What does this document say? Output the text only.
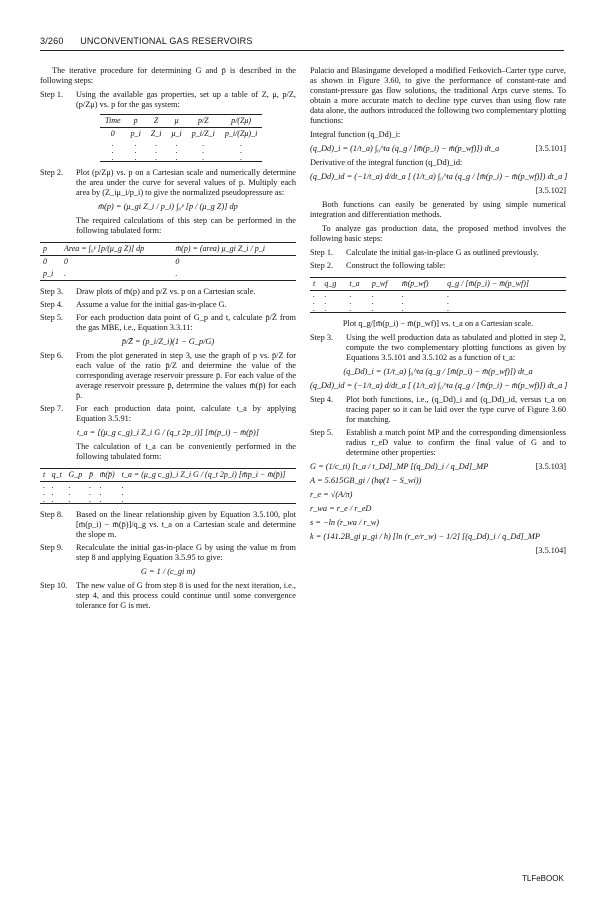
3/260 UNCONVENTIONAL GAS RESERVOIRS

The iterative procedure for determining G and p̄ is described in the following steps:

Step 1.	Using the available gas properties, set up a table of Z, μ, p/Z, (p/Zμ) vs. p for the gas system:
Time	p	Z	μ	p/Z	p/(Zμ)
0	p_i	Z_i	μ_i	p_i/Z_i	p_i/(Zμ)_i
.	.	.	.	.	.
.	.	.	.	.	.
.	.	.	.	.	.
Step 2.	Plot (p/Zμ) vs. p on a Cartesian scale and numerically determine the area under the curve for several values of p. Multiply each area by (Z_iμ_i/p_i) to give the normalized pseudopressure as:
m̄(p) = (μ_gi Z_i / p_i) ∫₀ᵖ [p / (μ_g Z)] dp
The required calculations of this step can be performed in the following tabulated form:
p	Area = ∫₀ᵖ [p/(μ_g Z)] dp	m̄(p) = (area) μ_gi Z_i / p_i
0	0	0
p_i	.	.
Step 3.	Draw plots of m̄(p) and p/Z vs. p on a Cartesian scale.
Step 4.	Assume a value for the initial gas-in-place G.
Step 5.	For each production data point of G_p and t, calculate p̄/Z̄ from the gas MBE, i.e., Equation 3.3.11:
p̄/Z̄ = (p_i/Z_i)(1 − G_p/G)
Step 6.	From the plot generated in step 3, use the graph of p vs. p̄/Z for each value of the ratio p̄/Z and determine the value of the corresponding average reservoir pressure p̄. For each value of the average reservoir pressure p̄, determine the values m̄(p̄) for each p̄.
Step 7.	For each production data point, calculate t_a by applying Equation 3.5.91:
t_a = [(μ_g c_g)_i Z_i G / (q_t 2p_i)] [m̄(p_i) − m̄(p̄)]
The calculation of t_a can be conveniently performed in the following tabulated form:
t	q_t	G_p	p̄	m̄(p̄)	t_a = (μ_g c_g)_i Z_i G / (q_t 2p_i) [m̄p_i − m̄(p̄)]
.	.	.	.	.	.
.	.	.	.	.	.
.	.	.	.	.	.
Step 8.	Based on the linear relationship given by Equation 3.5.100, plot [m̄(p_i) − m̄(p̄)]/q_g vs. t_a on a Cartesian scale and determine the slope m.
Step 9.	Recalculate the initial gas-in-place G by using the value m from step 8 and applying Equation 3.5.95 to give:
G = 1 / (c_gi m)
Step 10.	The new value of G from step 8 is used for the next iteration, i.e., step 4, and this process could continue until some convergence tolerance for G is met.

Palacio and Blasingame developed a modified Fetkovich–Carter type curve, as shown in Figure 3.60, to give the performance of constant-rate and constant-pressure gas flow solutions, the traditional Arps curve stems. To obtain a more accurate match to decline type curves than using flow rate data alone, the authors introduced the following two complementary plotting functions:

Integral function (q_Dd)_i:

(q_Dd)_i = (1/t_a) ∫₀^ta (q_g / [m̄(p_i) − m̄(p_wf)]) dt_a	[3.5.101]

Derivative of the integral function (q_Dd)_id:

(q_Dd)_id = (−1/t_a) d/dt_a [ (1/t_a) ∫₀^ta (q_g / [m̄(p_i) − m̄(p_wf)]) dt_a ]
[3.5.102]

Both functions can easily be generated by using simple numerical integration and differentiation methods.

To analyze gas production data, the proposed method involves the following basic steps:

Step 1.	Calculate the initial gas-in-place G as outlined previously.
Step 2.	Construct the following table:
t	q_g	t_a	p_wf	m̄(p_wf)	q_g / [m̄(p_i) − m̄(p_wf)]
.	.	.	.	.	.
.	.	.	.	.	.
.	.	.	.	.	.

Plot q_g/[m̄(p_i) − m̄(p_wf)] vs. t_a on a Cartesian scale.

Step 3.	Using the well production data as tabulated and plotted in step 2, compute the two complementary plotting functions as given by Equations 3.5.101 and 3.5.102 as a function of t_a:
(q_Dd)_i = (1/t_a) ∫₀^ta (q_g / [m̄(p_i) − m̄(p_wf)]) dt_a
(q_Dd)_id = (−1/t_a) d/dt_a [ (1/t_a) ∫₀^ta (q_g / [m̄(p_i) − m̄(p_wf)]) dt_a ]
Step 4.	Plot both functions, i.e., (q_Dd)_i and (q_Dd)_id, versus t_a on tracing paper so it can be laid over the type curve of Figure 3.60 for matching.
Step 5.	Establish a match point MP and the corresponding dimensionless radius r_eD value to confirm the final value of G and to determine other properties:
G = (1/c_ti) [t_a / t_Dd]_MP [(q_Dd)_i / q_Dd]_MP	[3.5.103]
A = 5.615GB_gi / (hφ(1 − S_wi))
r_e = √(A/π)
r_wa = r_e / r_eD
s = −ln (r_wa / r_w)
k = (141.2B_gi μ_gi / h) [ln (r_e/r_w) − 1/2] [(q_Dd)_i / q_Dd]_MP
[3.5.104]
TLFeBOOK
